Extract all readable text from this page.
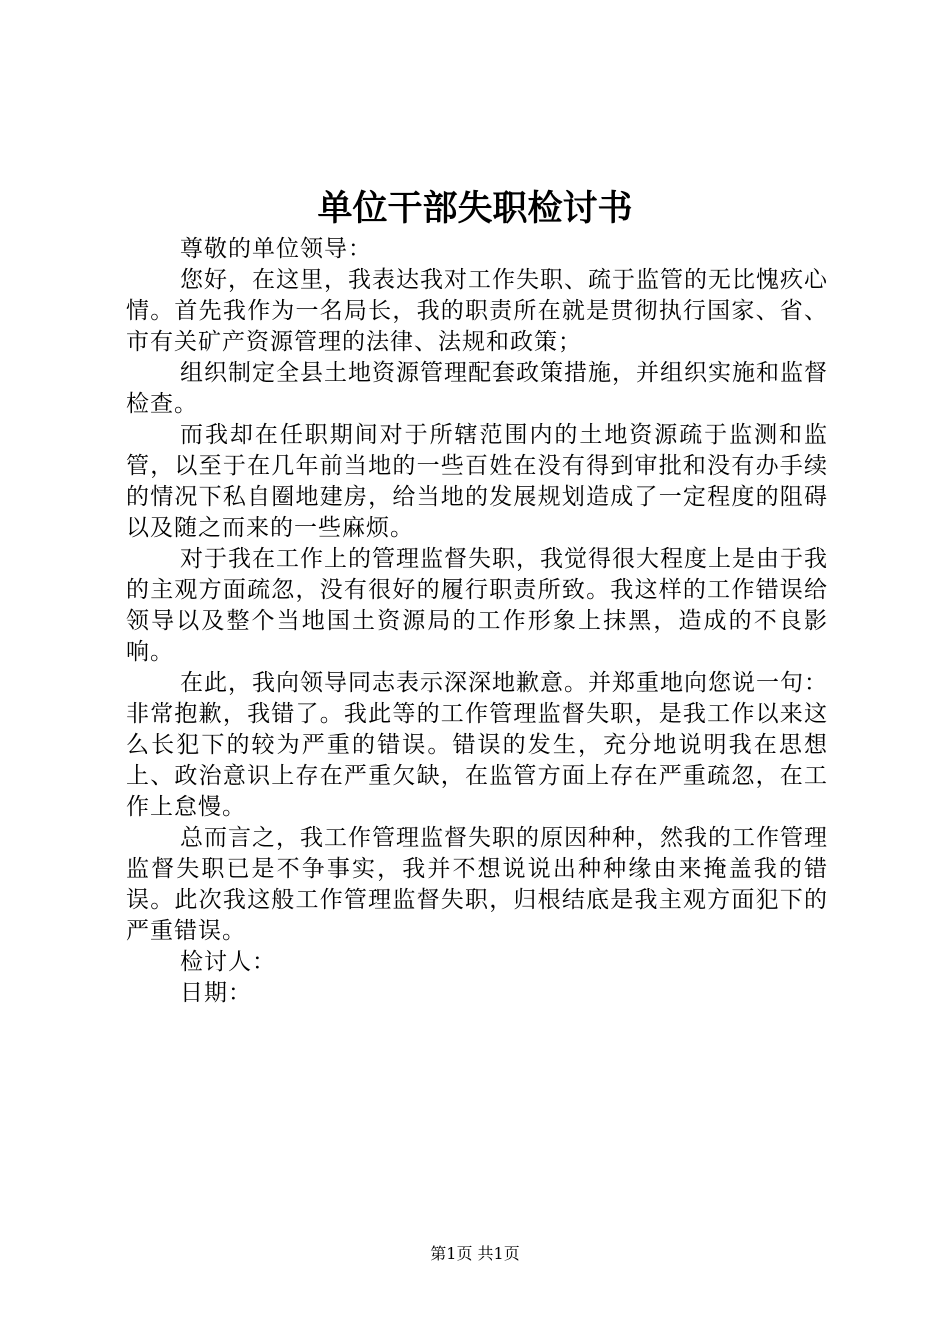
单位干部失职检讨书

尊敬的单位领导：

您好，在这里，我表达我对工作失职、疏于监管的无比愧疚心情。首先我作为一名局长，我的职责所在就是贯彻执行国家、省、市有关矿产资源管理的法律、法规和政策；

组织制定全县土地资源管理配套政策措施，并组织实施和监督检查。

而我却在任职期间对于所辖范围内的土地资源疏于监测和监管，以至于在几年前当地的一些百姓在没有得到审批和没有办手续的情况下私自圈地建房，给当地的发展规划造成了一定程度的阻碍以及随之而来的一些麻烦。

对于我在工作上的管理监督失职，我觉得很大程度上是由于我的主观方面疏忽，没有很好的履行职责所致。我这样的工作错误给领导以及整个当地国土资源局的工作形象上抹黑，造成的不良影响。

在此，我向领导同志表示深深地歉意。并郑重地向您说一句：非常抱歉，我错了。我此等的工作管理监督失职，是我工作以来这么长犯下的较为严重的错误。错误的发生，充分地说明我在思想上、政治意识上存在严重欠缺，在监管方面上存在严重疏忽，在工作上怠慢。

总而言之，我工作管理监督失职的原因种种，然我的工作管理监督失职已是不争事实，我并不想说说出种种缘由来掩盖我的错误。此次我这般工作管理监督失职，归根结底是我主观方面犯下的严重错误。

检讨人：

日期：

第1页 共1页
